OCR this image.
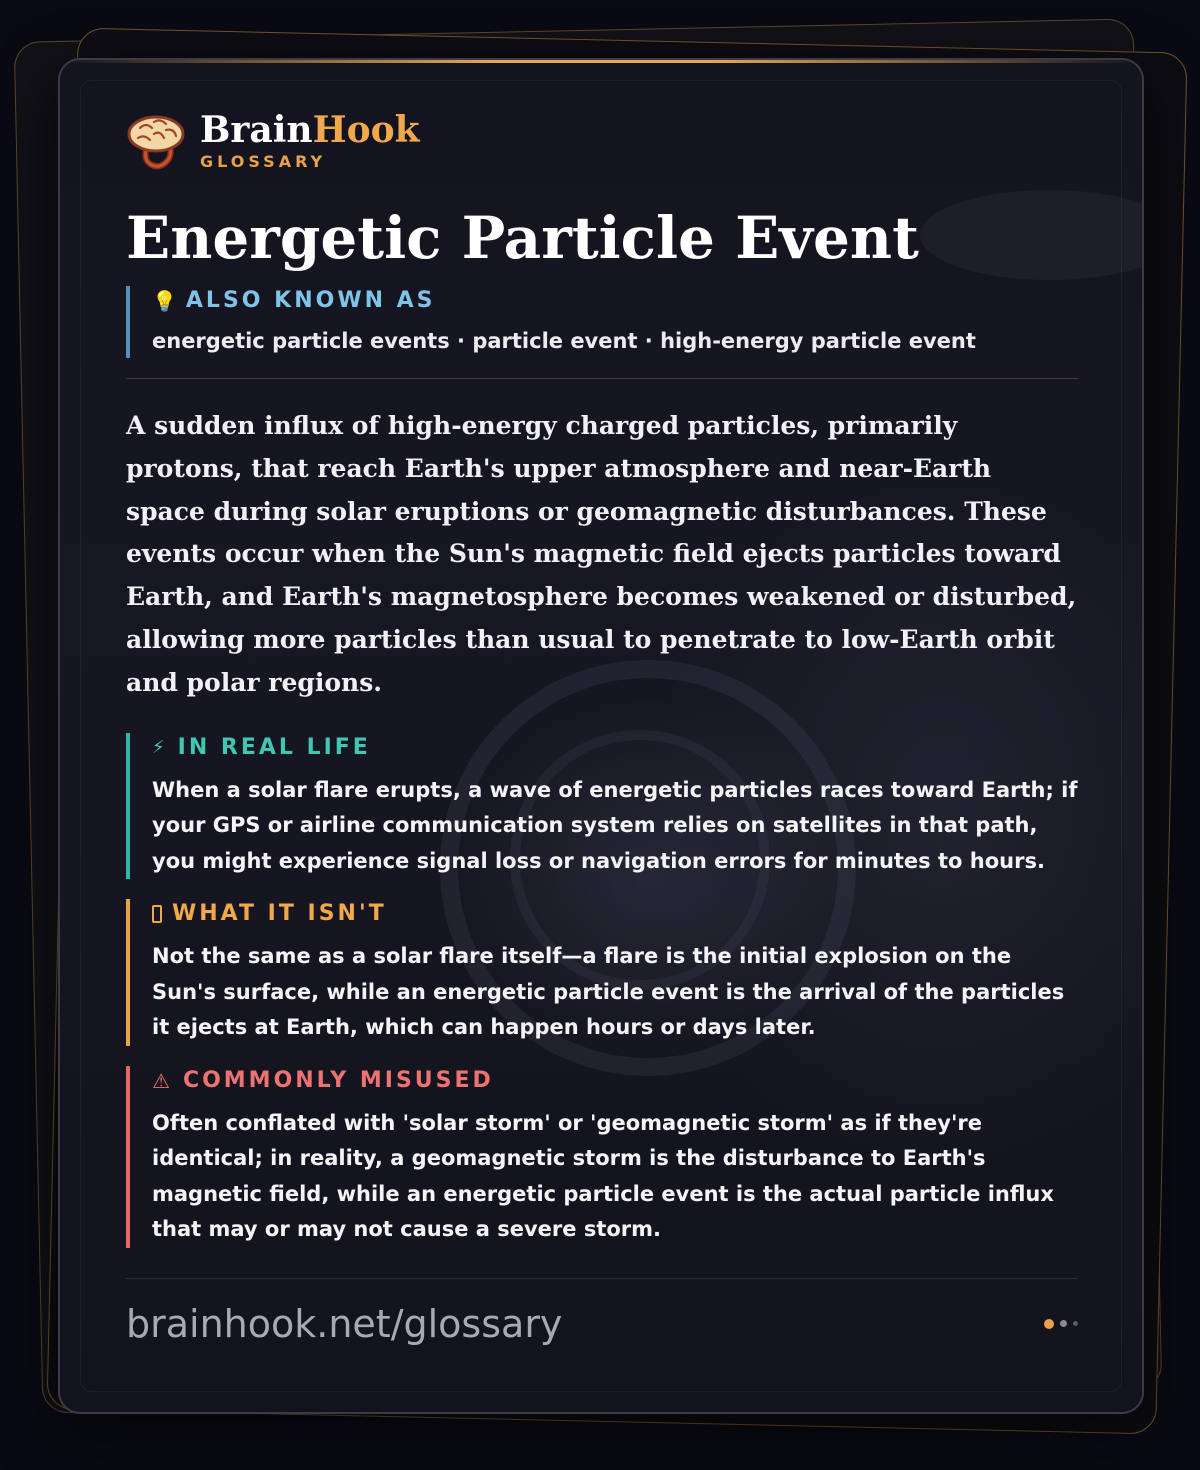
BrainHook
GLOSSARY
Energetic Particle Event
💡 ALSO KNOWN AS
energetic particle events · particle event · high-energy particle event

A sudden influx of high-energy charged particles, primarily protons, that reach Earth's upper atmosphere and near-Earth space during solar eruptions or geomagnetic disturbances. These events occur when the Sun's magnetic field ejects particles toward Earth, and Earth's magnetosphere becomes weakened or disturbed, allowing more particles than usual to penetrate to low-Earth orbit and polar regions.

⚡ IN REAL LIFE
When a solar flare erupts, a wave of energetic particles races toward Earth; if your GPS or airline communication system relies on satellites in that path, you might experience signal loss or navigation errors for minutes to hours.
WHAT IT ISN'T
Not the same as a solar flare itself—a flare is the initial explosion on the Sun's surface, while an energetic particle event is the arrival of the particles it ejects at Earth, which can happen hours or days later.
⚠ COMMONLY MISUSED
Often conflated with 'solar storm' or 'geomagnetic storm' as if they're identical; in reality, a geomagnetic storm is the disturbance to Earth's magnetic field, while an energetic particle event is the actual particle influx that may or may not cause a severe storm.
brainhook.net/glossary
